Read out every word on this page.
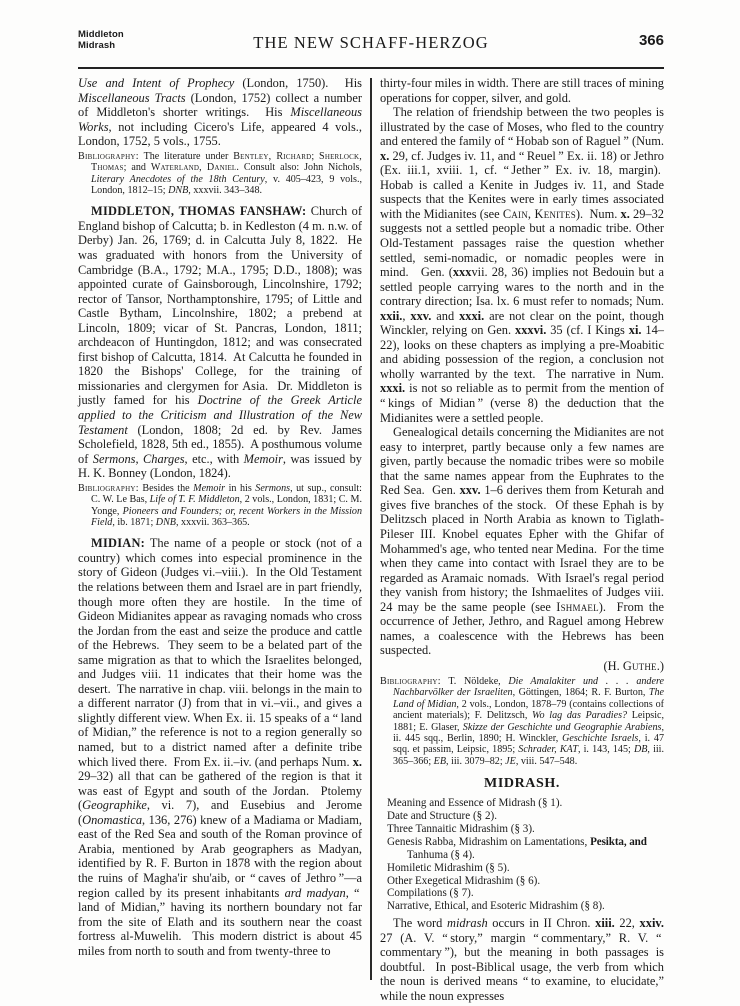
Middleton
Midrash	THE NEW SCHAFF-HERZOG	366

Use and Intent of Prophecy (London, 1750).  His Miscellaneous Tracts (London, 1752) collect a number of Middleton's shorter writings.  His Miscellaneous Works, not including Cicero's Life, appeared 4 vols., London, 1752, 5 vols., 1755.

Bibliography: The literature under Bentley, Richard; Sherlock, Thomas; and Waterland, Daniel. Consult also: John Nichols, Literary Anecdotes of the 18th Century, v. 405–423, 9 vols., London, 1812–15; DNB, xxxvii. 343–348.

MIDDLETON, THOMAS FANSHAW: Church of England bishop of Calcutta; b. in Kedleston (4 m. n.w. of Derby) Jan. 26, 1769; d. in Calcutta July 8, 1822.  He was graduated with honors from the University of Cambridge (B.A., 1792; M.A., 1795; D.D., 1808); was appointed curate of Gainsborough, Lincolnshire, 1792; rector of Tansor, Northamptonshire, 1795; of Little and Castle Bytham, Lincolnshire, 1802; a prebend at Lincoln, 1809; vicar of St. Pancras, London, 1811; archdeacon of Huntingdon, 1812; and was consecrated first bishop of Calcutta, 1814.  At Calcutta he founded in 1820 the Bishops' College, for the training of missionaries and clergymen for Asia.  Dr. Middleton is justly famed for his Doctrine of the Greek Article applied to the Criticism and Illustration of the New Testament (London, 1808; 2d ed. by Rev. James Scholefield, 1828, 5th ed., 1855).  A posthumous volume of Sermons, Charges, etc., with Memoir, was issued by H. K. Bonney (London, 1824).

Bibliography: Besides the Memoir in his Sermons, ut sup., consult: C. W. Le Bas, Life of T. F. Middleton, 2 vols., London, 1831; C. M. Yonge, Pioneers and Founders; or, recent Workers in the Mission Field, ib. 1871; DNB, xxxvii. 363–365.

MIDIAN: The name of a people or stock (not of a country) which comes into especial prominence in the story of Gideon (Judges vi.–viii.).  In the Old Testament the relations between them and Israel are in part friendly, though more often they are hostile.  In the time of Gideon Midianites appear as ravaging nomads who cross the Jordan from the east and seize the produce and cattle of the Hebrews.  They seem to be a belated part of the same migration as that to which the Israelites belonged, and Judges viii. 11 indicates that their home was the desert.  The narrative in chap. viii. belongs in the main to a different narrator (J) from that in vi.–vii., and gives a slightly different view. When Ex. ii. 15 speaks of a “ land of Midian,” the reference is not to a region generally so named, but to a district named after a definite tribe which lived there.  From Ex. ii.–iv. (and perhaps Num. x. 29–32) all that can be gathered of the region is that it was east of Egypt and south of the Jordan.  Ptolemy (Geographike, vi. 7), and Eusebius and Jerome (Onomastica, 136, 276) knew of a Madiama or Madiam, east of the Red Sea and south of the Roman province of Arabia, mentioned by Arab geographers as Madyan, identified by R. F. Burton in 1878 with the region about the ruins of Magha'ir shu'aib, or “ caves of Jethro ”—a region called by its present inhabitants ard madyan, “ land of Midian,” having its northern boundary not far from the site of Elath and its southern near the coast fortress al-Muwelih.  This modern district is about 45 miles from north to south and from twenty-three to

thirty-four miles in width. There are still traces of mining operations for copper, silver, and gold.

The relation of friendship between the two peoples is illustrated by the case of Moses, who fled to the country and entered the family of “ Hobab son of Raguel ” (Num. x. 29, cf. Judges iv. 11, and “ Reuel ” Ex. ii. 18) or Jethro (Ex. iii.1, xviii. 1, cf. “ Jether ” Ex. iv. 18, margin).  Hobab is called a Kenite in Judges iv. 11, and Stade suspects that the Kenites were in early times associated with the Midianites (see Cain, Kenites).  Num. x. 29–32 suggests not a settled people but a nomadic tribe. Other Old-Testament passages raise the question whether settled, semi-nomadic, or nomadic peoples were in mind.   Gen. (xxxvii. 28, 36) implies not Bedouin but a settled people carrying wares to the north and in the contrary direction; Isa. lx. 6 must refer to nomads; Num. xxii., xxv. and xxxi. are not clear on the point, though Winckler, relying on Gen. xxxvi. 35 (cf. I Kings xi. 14–22), looks on these chapters as implying a pre-Moabitic and abiding possession of the region, a conclusion not wholly warranted by the text.  The narrative in Num. xxxi. is not so reliable as to permit from the mention of “ kings of Midian ” (verse 8) the deduction that the Midianites were a settled people.

Genealogical details concerning the Midianites are not easy to interpret, partly because only a few names are given, partly because the nomadic tribes were so mobile that the same names appear from the Euphrates to the Red Sea.  Gen. xxv. 1–6 derives them from Keturah and gives five branches of the stock.  Of these Ephah is by Delitzsch placed in North Arabia as known to Tiglath-Pileser III. Knobel equates Epher with the Ghifar of Mohammed's age, who tented near Medina.  For the time when they came into contact with Israel they are to be regarded as Aramaic nomads.  With Israel's regal period they vanish from history; the Ishmaelites of Judges viii. 24 may be the same people (see Ishmael).  From the occurrence of Jether, Jethro, and Raguel among Hebrew names, a coalescence with the Hebrews has been suspected.

(H. Guthe.)

Bibliography: T. Nöldeke, Die Amalakiter und . . . andere Nachbarvölker der Israeliten, Göttingen, 1864; R. F. Burton, The Land of Midian, 2 vols., London, 1878–79 (contains collections of ancient materials); F. Delitzsch, Wo lag das Paradies? Leipsic, 1881; E. Glaser, Skizze der Geschichte und Geographie Arabiens, ii. 445 sqq., Berlin, 1890; H. Winckler, Geschichte Israels, i. 47 sqq. et passim, Leipsic, 1895; Schrader, KAT, i. 143, 145; DB, iii. 365–366; EB, iii. 3079–82; JE, viii. 547–548.

MIDRASH.
Meaning and Essence of Midrash (§ 1).
Date and Structure (§ 2).
Three Tannaitic Midrashim (§ 3).
Genesis Rabba, Midrashim on Lamentations, Pesikta, and
Tanhuma (§ 4).
Homiletic Midrashim (§ 5).
Other Exegetical Midrashim (§ 6).
Compilations (§ 7).
Narrative, Ethical, and Esoteric Midrashim (§ 8).

The word midrash occurs in II Chron. xiii. 22, xxiv. 27 (A. V. “ story,” margin “ commentary,” R. V. “ commentary ”), but the meaning in both passages is doubtful.  In post-Biblical usage, the verb from which the noun is derived means “ to examine, to elucidate,” while the noun expresses
